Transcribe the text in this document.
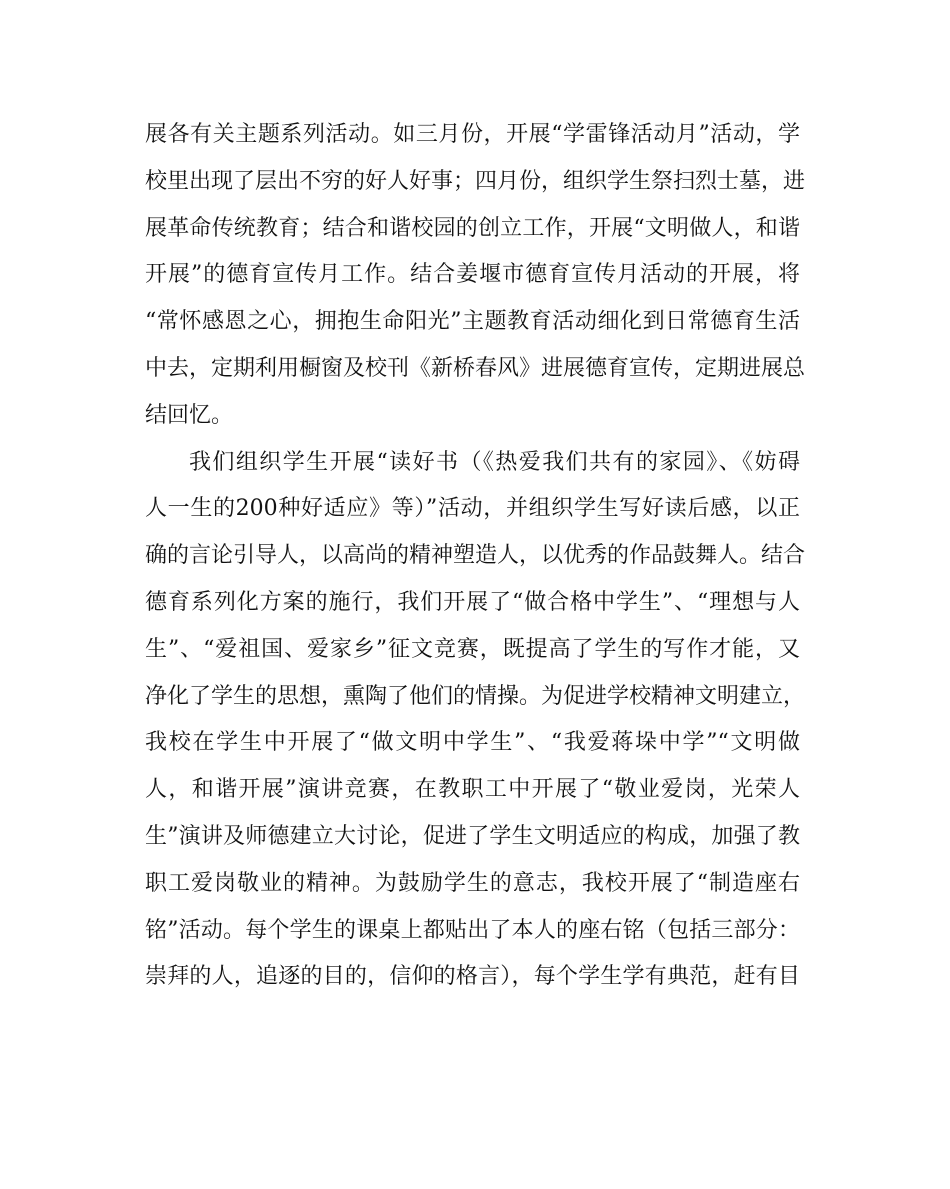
展各有关主题系列活动。如三月份，开展“学雷锋活动月”活动，学
校里出现了层出不穷的好人好事；四月份，组织学生祭扫烈士墓，进
展革命传统教育；结合和谐校园的创立工作，开展“文明做人，和谐
开展”的德育宣传月工作。结合姜堰市德育宣传月活动的开展，将
“常怀感恩之心，拥抱生命阳光”主题教育活动细化到日常德育生活
中去，定期利用橱窗及校刊《新桥春风》进展德育宣传，定期进展总
结回忆。
我们组织学生开展“读好书（《热爱我们共有的家园》、《妨碍
人一生的200种好适应》等）”活动，并组织学生写好读后感，以正
确的言论引导人，以高尚的精神塑造人，以优秀的作品鼓舞人。结合
德育系列化方案的施行，我们开展了“做合格中学生”、“理想与人
生”、“爱祖国、爱家乡”征文竞赛，既提高了学生的写作才能，又
净化了学生的思想，熏陶了他们的情操。为促进学校精神文明建立，
我校在学生中开展了“做文明中学生”、“我爱蒋垛中学”“文明做
人，和谐开展”演讲竞赛，在教职工中开展了“敬业爱岗，光荣人
生”演讲及师德建立大讨论，促进了学生文明适应的构成，加强了教
职工爱岗敬业的精神。为鼓励学生的意志，我校开展了“制造座右
铭”活动。每个学生的课桌上都贴出了本人的座右铭（包括三部分：
崇拜的人，追逐的目的，信仰的格言），每个学生学有典范，赶有目
